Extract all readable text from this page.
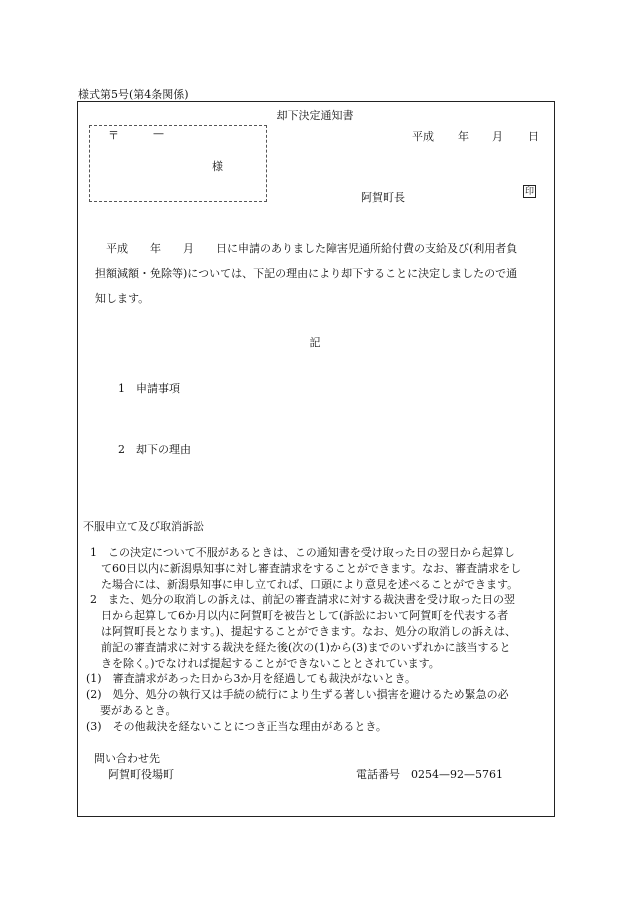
様式第5号(第4条関係)
却下決定通知書
〒	—
様
平成 年 月 日
阿賀町長	印
平成　　年　　月　　日に申請のありました障害児通所給付費の支給及び(利用者負
担額減額・免除等)については、下記の理由により却下することに決定しましたので通
知します。
記
1　申請事項
2　却下の理由
不服申立て及び取消訴訟
1　この決定について不服があるときは、この通知書を受け取った日の翌日から起算し
て60日以内に新潟県知事に対し審査請求をすることができます。なお、審査請求をし
た場合には、新潟県知事に申し立てれば、口頭により意見を述べることができます。
2　また、処分の取消しの訴えは、前記の審査請求に対する裁決書を受け取った日の翌
日から起算して6か月以内に阿賀町を被告として(訴訟において阿賀町を代表する者
は阿賀町長となります。)、提起することができます。なお、処分の取消しの訴えは、
前記の審査請求に対する裁決を経た後(次の(1)から(3)までのいずれかに該当すると
きを除く。)でなければ提起することができないこととされています。
(1)　審査請求があった日から3か月を経過しても裁決がないとき。
(2)　処分、処分の執行又は手続の続行により生ずる著しい損害を避けるため緊急の必
要があるとき。
(3)　その他裁決を経ないことにつき正当な理由があるとき。
問い合わせ先
阿賀町役場町	電話番号　0254—92—5761
